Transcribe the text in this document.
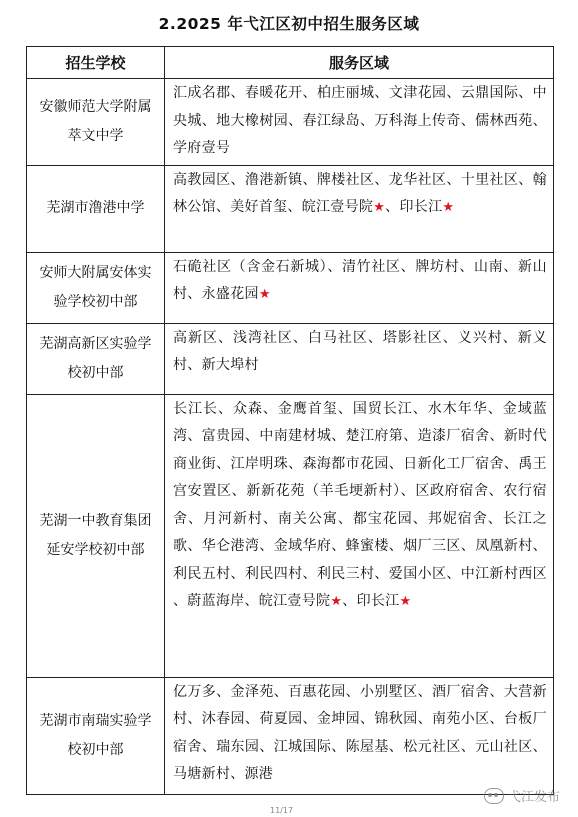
2.2025 年弋江区初中招生服务区域
招生学校	服务区域
安徽师范大学附属萃文中学	汇成名郡、春暖花开、柏庄丽城、文津花园、云鼎国际、中央城、地大橡树园、春江绿岛、万科海上传奇、儒林西苑、学府壹号
芜湖市澛港中学	高教园区、澛港新镇、牌楼社区、龙华社区、十里社区、翰林公馆、美好首玺、皖江壹号院★、印长江★
安师大附属安体实验学校初中部	石硊社区（含金石新城）、清竹社区、牌坊村、山南、新山村、永盛花园★
芜湖高新区实验学校初中部	高新区、浅湾社区、白马社区、塔影社区、义兴村、新义村、新大埠村
芜湖一中教育集团延安学校初中部	长江长、众森、金鹰首玺、国贸长江、水木年华、金域蓝湾、富贵园、中南建材城、楚江府第、造漆厂宿舍、新时代商业街、江岸明珠、森海都市花园、日新化工厂宿舍、禹王宫安置区、新新花苑（羊毛埂新村）、区政府宿舍、农行宿舍、月河新村、南关公寓、都宝花园、邦妮宿舍、长江之歌、华仑港湾、金域华府、蜂蜜楼、烟厂三区、凤凰新村、利民五村、利民四村、利民三村、爱国小区、中江新村西区 、蔚蓝海岸、皖江壹号院★、印长江★
芜湖市南瑞实验学校初中部	亿万多、金泽苑、百惠花园、小别墅区、酒厂宿舍、大营新村、沐春园、荷夏园、金坤园、锦秋园、南苑小区、台板厂宿舍、瑞东园、江城国际、陈屋基、松元社区、元山社区、马塘新村、源港
11/17
弋江发布
